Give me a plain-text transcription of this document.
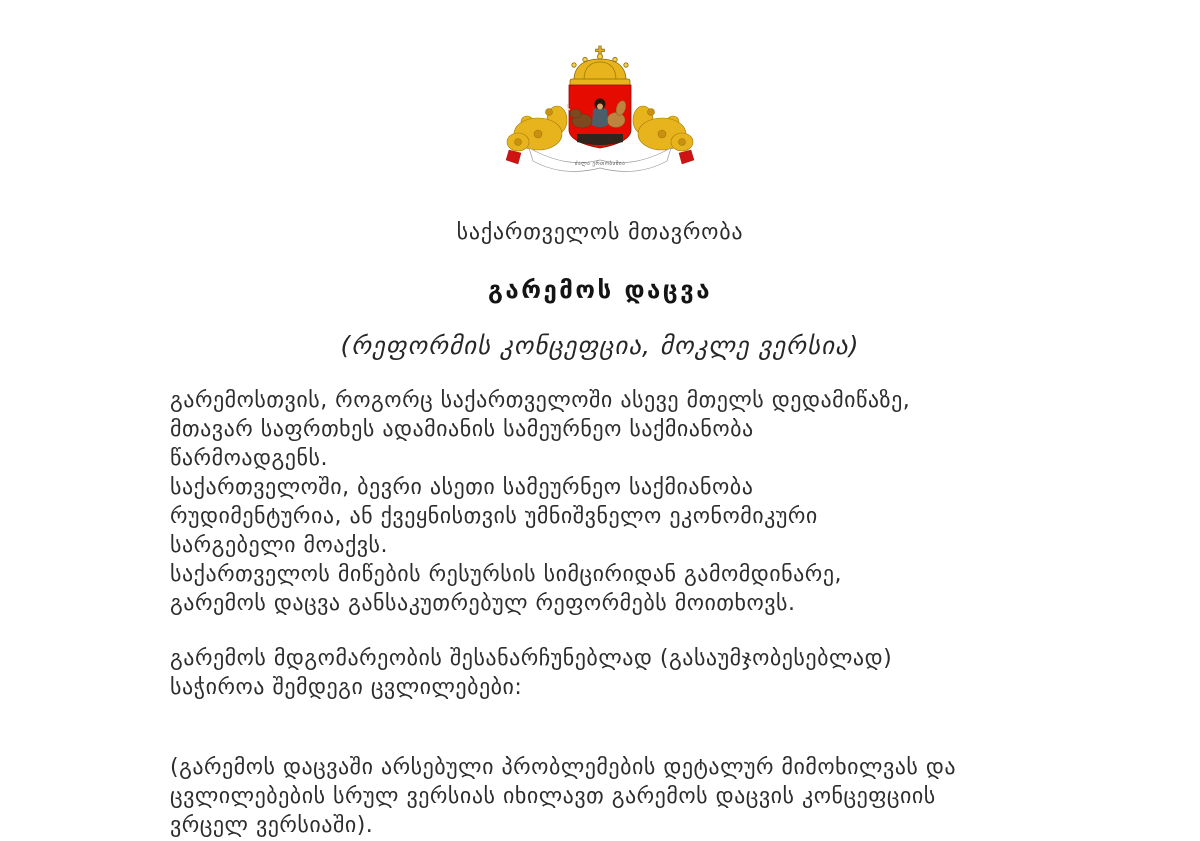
ძალა ერთობაშია
საქართველოს მთავრობა
გარემოს დაცვა
(რეფორმის კონცეფცია, მოკლე ვერსია)
გარემოსთვის, როგორც საქართველოში ასევე მთელს დედამიწაზე,
მთავარ საფრთხეს ადამიანის სამეურნეო საქმიანობა
წარმოადგენს.
საქართველოში, ბევრი ასეთი სამეურნეო საქმიანობა
რუდიმენტურია, ან ქვეყნისთვის უმნიშვნელო ეკონომიკური
სარგებელი მოაქვს.
საქართველოს მიწების რესურსის სიმცირიდან გამომდინარე,
გარემოს დაცვა განსაკუთრებულ რეფორმებს მოითხოვს.
გარემოს მდგომარეობის შესანარჩუნებლად (გასაუმჯობესებლად)
საჭიროა შემდეგი ცვლილებები:
(გარემოს დაცვაში არსებული პრობლემების დეტალურ მიმოხილვას და
ცვლილებების სრულ ვერსიას იხილავთ გარემოს დაცვის კონცეფციის
ვრცელ ვერსიაში).
